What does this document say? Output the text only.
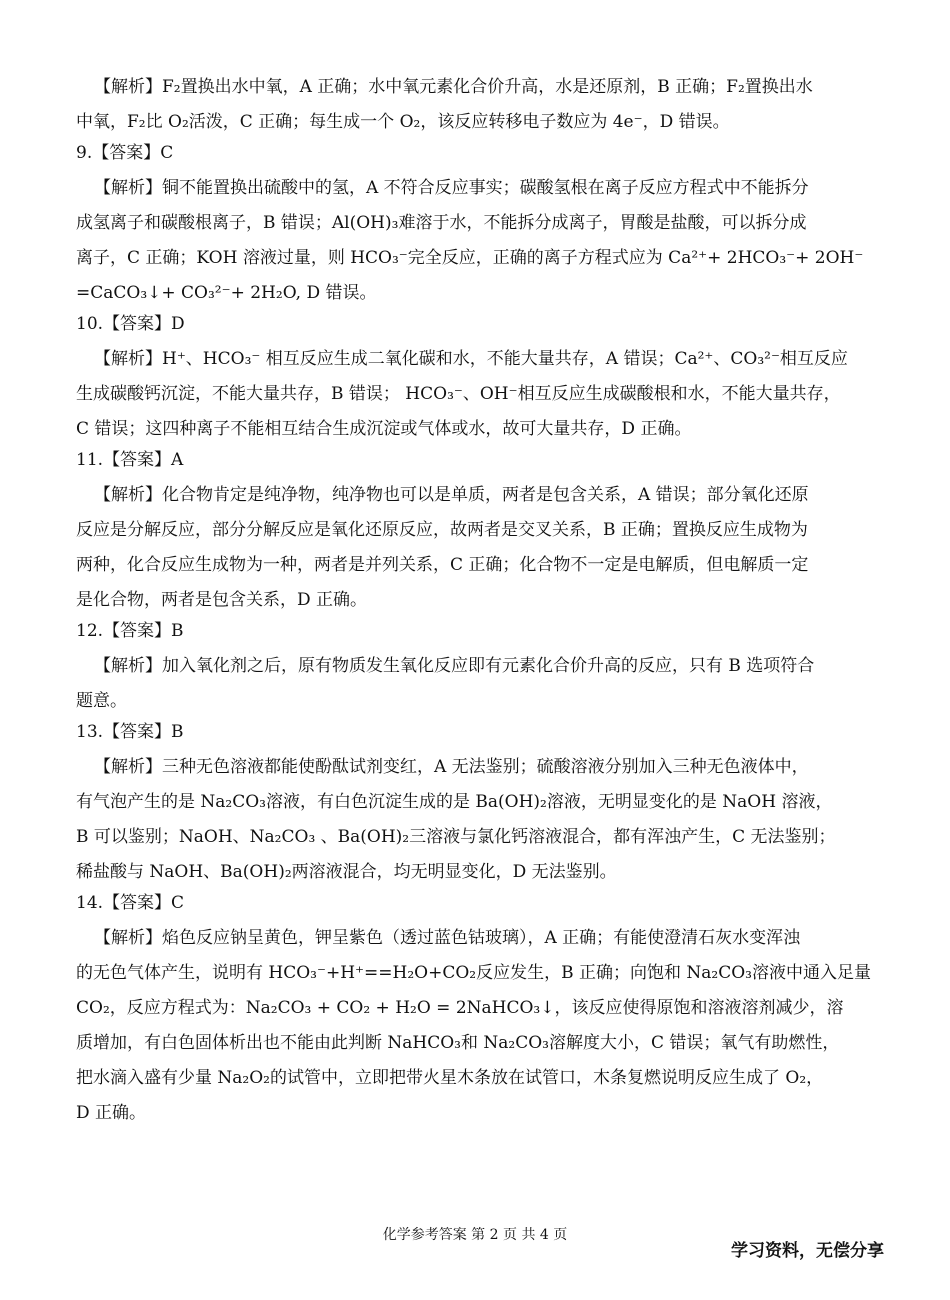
【解析】F₂置换出水中氧，A 正确；水中氧元素化合价升高，水是还原剂，B 正确；F₂置换出水
中氧，F₂比 O₂活泼，C 正确；每生成一个 O₂，该反应转移电子数应为 4e⁻，D 错误。
9.【答案】C
【解析】铜不能置换出硫酸中的氢，A 不符合反应事实；碳酸氢根在离子反应方程式中不能拆分
成氢离子和碳酸根离子，B 错误；Al(OH)₃难溶于水，不能拆分成离子，胃酸是盐酸，可以拆分成
离子，C 正确；KOH 溶液过量，则 HCO₃⁻完全反应，正确的离子方程式应为 Ca²⁺+ 2HCO₃⁻+ 2OH⁻
=CaCO₃↓+ CO₃²⁻+ 2H₂O, D 错误。
10.【答案】D
【解析】H⁺、HCO₃⁻ 相互反应生成二氧化碳和水，不能大量共存，A 错误；Ca²⁺、CO₃²⁻相互反应
生成碳酸钙沉淀，不能大量共存，B 错误； HCO₃⁻、OH⁻相互反应生成碳酸根和水，不能大量共存，
C 错误；这四种离子不能相互结合生成沉淀或气体或水，故可大量共存，D 正确。
11.【答案】A
【解析】化合物肯定是纯净物，纯净物也可以是单质，两者是包含关系，A 错误；部分氧化还原
反应是分解反应，部分分解反应是氧化还原反应，故两者是交叉关系，B 正确；置换反应生成物为
两种，化合反应生成物为一种，两者是并列关系，C 正确；化合物不一定是电解质，但电解质一定
是化合物，两者是包含关系，D 正确。
12.【答案】B
【解析】加入氧化剂之后，原有物质发生氧化反应即有元素化合价升高的反应，只有 B 选项符合
题意。
13.【答案】B
【解析】三种无色溶液都能使酚酞试剂变红，A 无法鉴别；硫酸溶液分别加入三种无色液体中，
有气泡产生的是 Na₂CO₃溶液，有白色沉淀生成的是 Ba(OH)₂溶液，无明显变化的是 NaOH 溶液，
B 可以鉴别；NaOH、Na₂CO₃ 、Ba(OH)₂三溶液与氯化钙溶液混合，都有浑浊产生，C 无法鉴别；
稀盐酸与 NaOH、Ba(OH)₂两溶液混合，均无明显变化，D 无法鉴别。
14.【答案】C
【解析】焰色反应钠呈黄色，钾呈紫色（透过蓝色钴玻璃），A 正确；有能使澄清石灰水变浑浊
的无色气体产生，说明有 HCO₃⁻+H⁺==H₂O+CO₂反应发生，B 正确；向饱和 Na₂CO₃溶液中通入足量
CO₂，反应方程式为：Na₂CO₃ + CO₂ + H₂O = 2NaHCO₃↓，该反应使得原饱和溶液溶剂减少，溶
质增加，有白色固体析出也不能由此判断 NaHCO₃和 Na₂CO₃溶解度大小，C 错误；氧气有助燃性，
把水滴入盛有少量 Na₂O₂的试管中，立即把带火星木条放在试管口，木条复燃说明反应生成了 O₂，
D 正确。
化学参考答案 第 2 页 共 4 页
学习资料，无偿分享
